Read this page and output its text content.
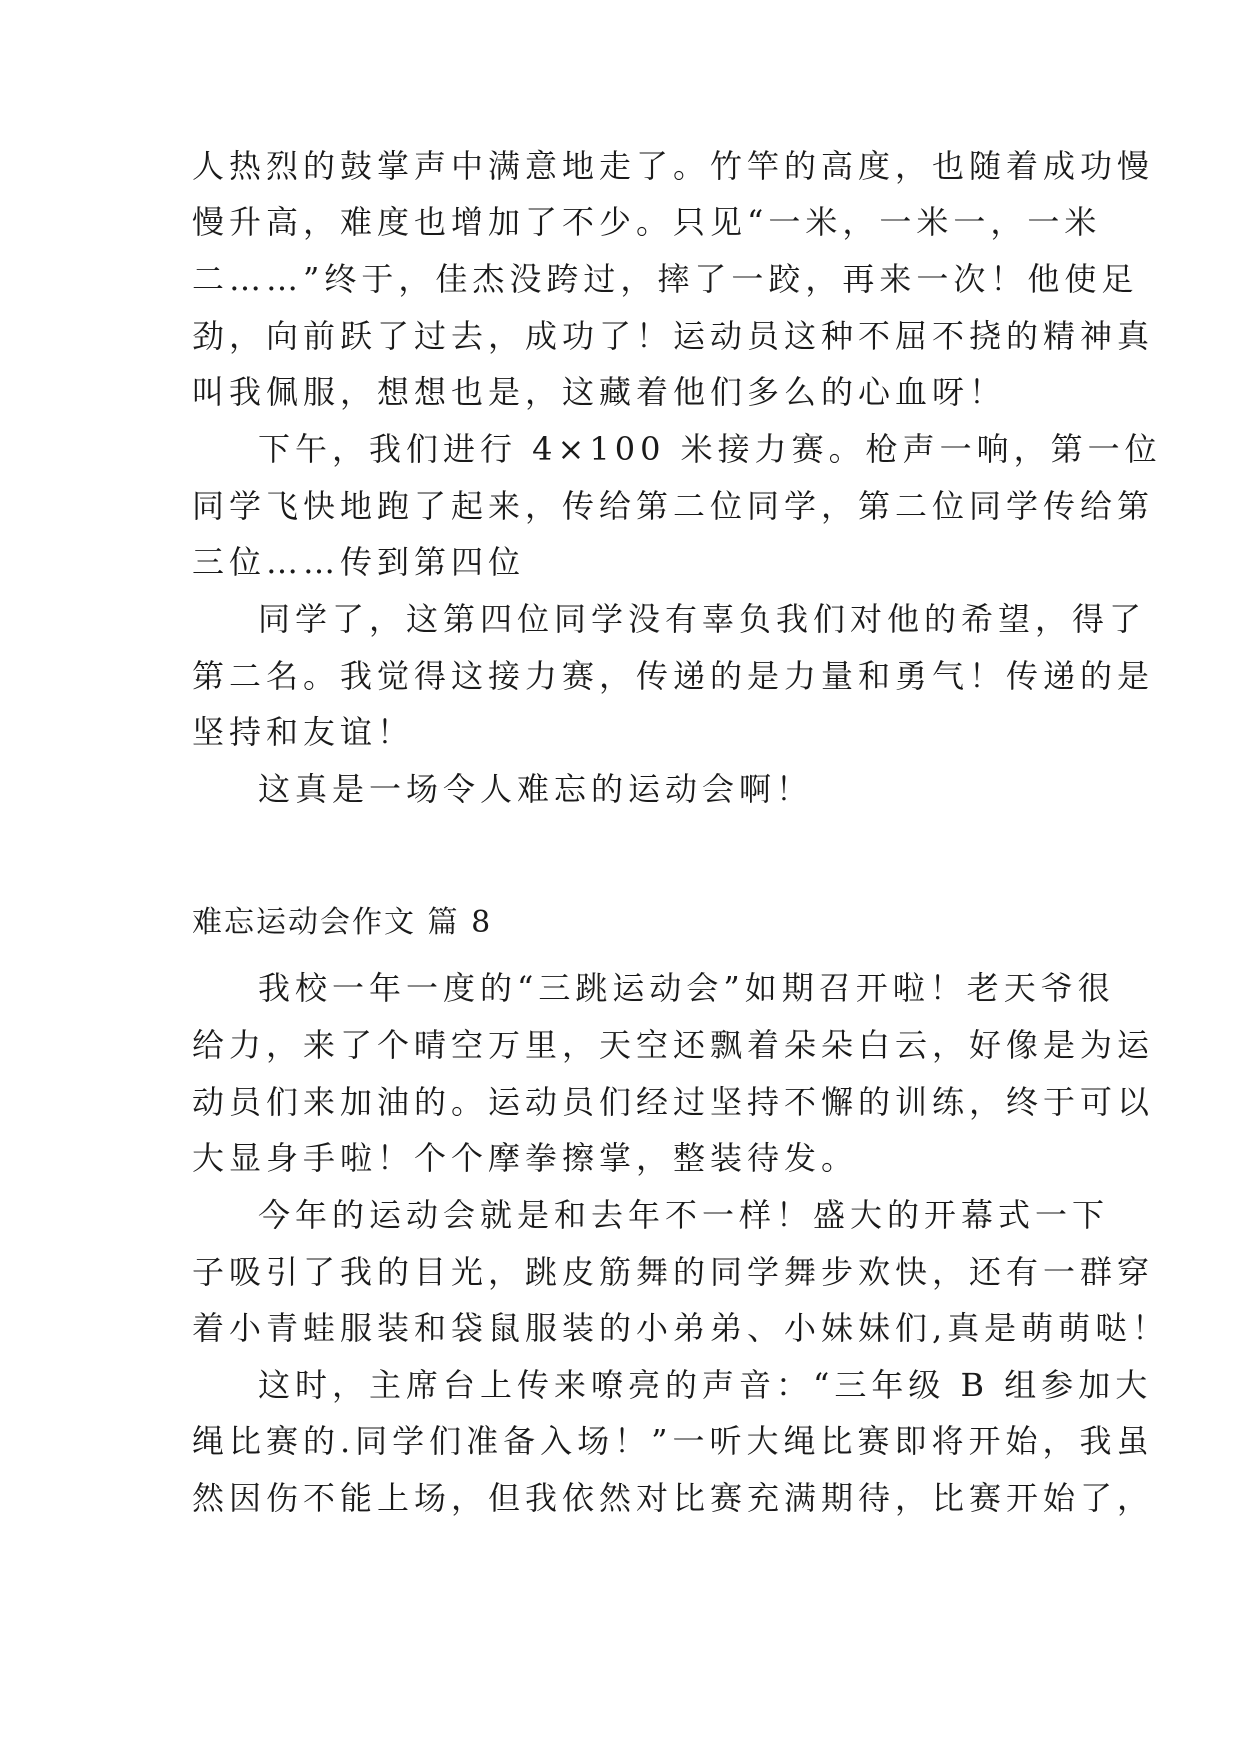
人热烈的鼓掌声中满意地走了。竹竿的高度，也随着成功慢
慢升高，难度也增加了不少。只见“一米，一米一，一米
二……”终于，佳杰没跨过，摔了一跤，再来一次！他使足
劲，向前跃了过去，成功了！运动员这种不屈不挠的精神真
叫我佩服，想想也是，这藏着他们多么的心血呀！
下午，我们进行 4×100 米接力赛。枪声一响，第一位
同学飞快地跑了起来，传给第二位同学，第二位同学传给第
三位……传到第四位
同学了，这第四位同学没有辜负我们对他的希望，得了
第二名。我觉得这接力赛，传递的是力量和勇气！传递的是
坚持和友谊！
这真是一场令人难忘的运动会啊！
难忘运动会作文 篇 8
我校一年一度的“三跳运动会”如期召开啦！老天爷很
给力，来了个晴空万里，天空还飘着朵朵白云，好像是为运
动员们来加油的。运动员们经过坚持不懈的训练，终于可以
大显身手啦！个个摩拳擦掌，整装待发。
今年的运动会就是和去年不一样！盛大的开幕式一下
子吸引了我的目光，跳皮筋舞的同学舞步欢快，还有一群穿
着小青蛙服装和袋鼠服装的小弟弟、小妹妹们,真是萌萌哒！
这时，主席台上传来嘹亮的声音：“三年级 B 组参加大
绳比赛的.同学们准备入场！”一听大绳比赛即将开始，我虽
然因伤不能上场，但我依然对比赛充满期待，比赛开始了，
